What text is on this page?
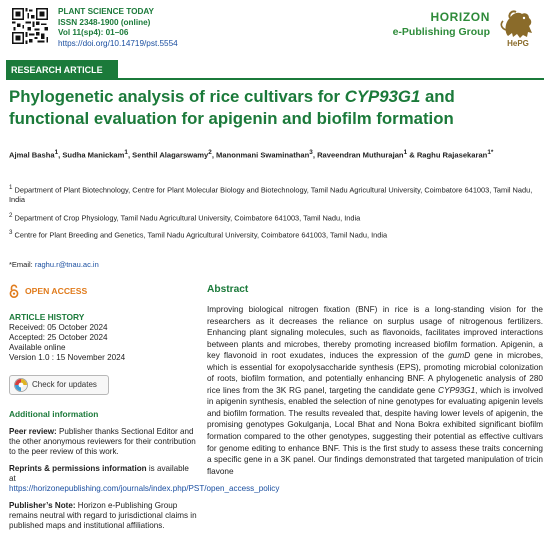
PLANT SCIENCE TODAY
ISSN 2348-1900 (online)
Vol 11(sp4): 01–06
https://doi.org/10.14719/pst.5554
HORIZON
e-Publishing Group
HePG
RESEARCH ARTICLE
Phylogenetic analysis of rice cultivars for CYP93G1 and functional evaluation for apigenin and biofilm formation
Ajmal Basha$^1$, Sudha Manickam$^1$, Senthil Alagarswamy$^2$, Manonmani Swaminathan$^3$, Raveendran Muthurajan$^1$ & Raghu Rajasekaran$^{1*}$
$^1$ Department of Plant Biotechnology, Centre for Plant Molecular Biology and Biotechnology, Tamil Nadu Agricultural University, Coimbatore 641003, Tamil Nadu, India
$^2$ Department of Crop Physiology, Tamil Nadu Agricultural University, Coimbatore 641003, Tamil Nadu, India
$^3$ Centre for Plant Breeding and Genetics, Tamil Nadu Agricultural University, Coimbatore 641003, Tamil Nadu, India
*Email: raghu.r@tnau.ac.in
OPEN ACCESS
ARTICLE HISTORY

Received: 05 October 2024

Accepted: 25 October 2024

Available online

Version 1.0 : 15 November 2024

Check for updates
Additional information
Peer review: Publisher thanks Sectional Editor and the other anonymous reviewers for their contribution to the peer review of this work.
Reprints & permissions information is available at https://horizonepublishing.com/journals/index.php/PST/open_access_policy
Publisher’s Note: Horizon e-Publishing Group remains neutral with regard to jurisdictional claims in published maps and institutional affiliations.
Abstract

Improving biological nitrogen fixation (BNF) in rice is a long-standing vision for the researchers as it decreases the reliance on surplus usage of nitrogenous fertilizers. Enhancing plant signaling molecules, such as flavonoids, facilitates improved interactions between plants and microbes, thereby promoting increased biofilm formation. Apigenin, a key flavonoid in root exudates, induces the expression of the gumD gene in microbes, which is essential for exopolysaccharide synthesis (EPS), promoting microbial colonization of roots, biofilm formation, and potentially enhancing BNF. A phylogenetic analysis of 280 rice lines from the 3K RG panel, targeting the candidate gene CYP93G1, which is involved in apigenin synthesis, enabled the selection of nine genotypes for evaluating apigenin levels and biofilm formation. The results revealed that, despite having lower levels of apigenin, the promising genotypes Gokulganja, Local Bhat and Nona Bokra exhibited significant biofilm formation compared to the other genotypes, suggesting their potential as effective cultivars for genome editing to enhance BNF. This is the first study to assess these traits concerning a specific gene in a 3K panel. Our findings demonstrated that targeted manipulation of tricin flavone
